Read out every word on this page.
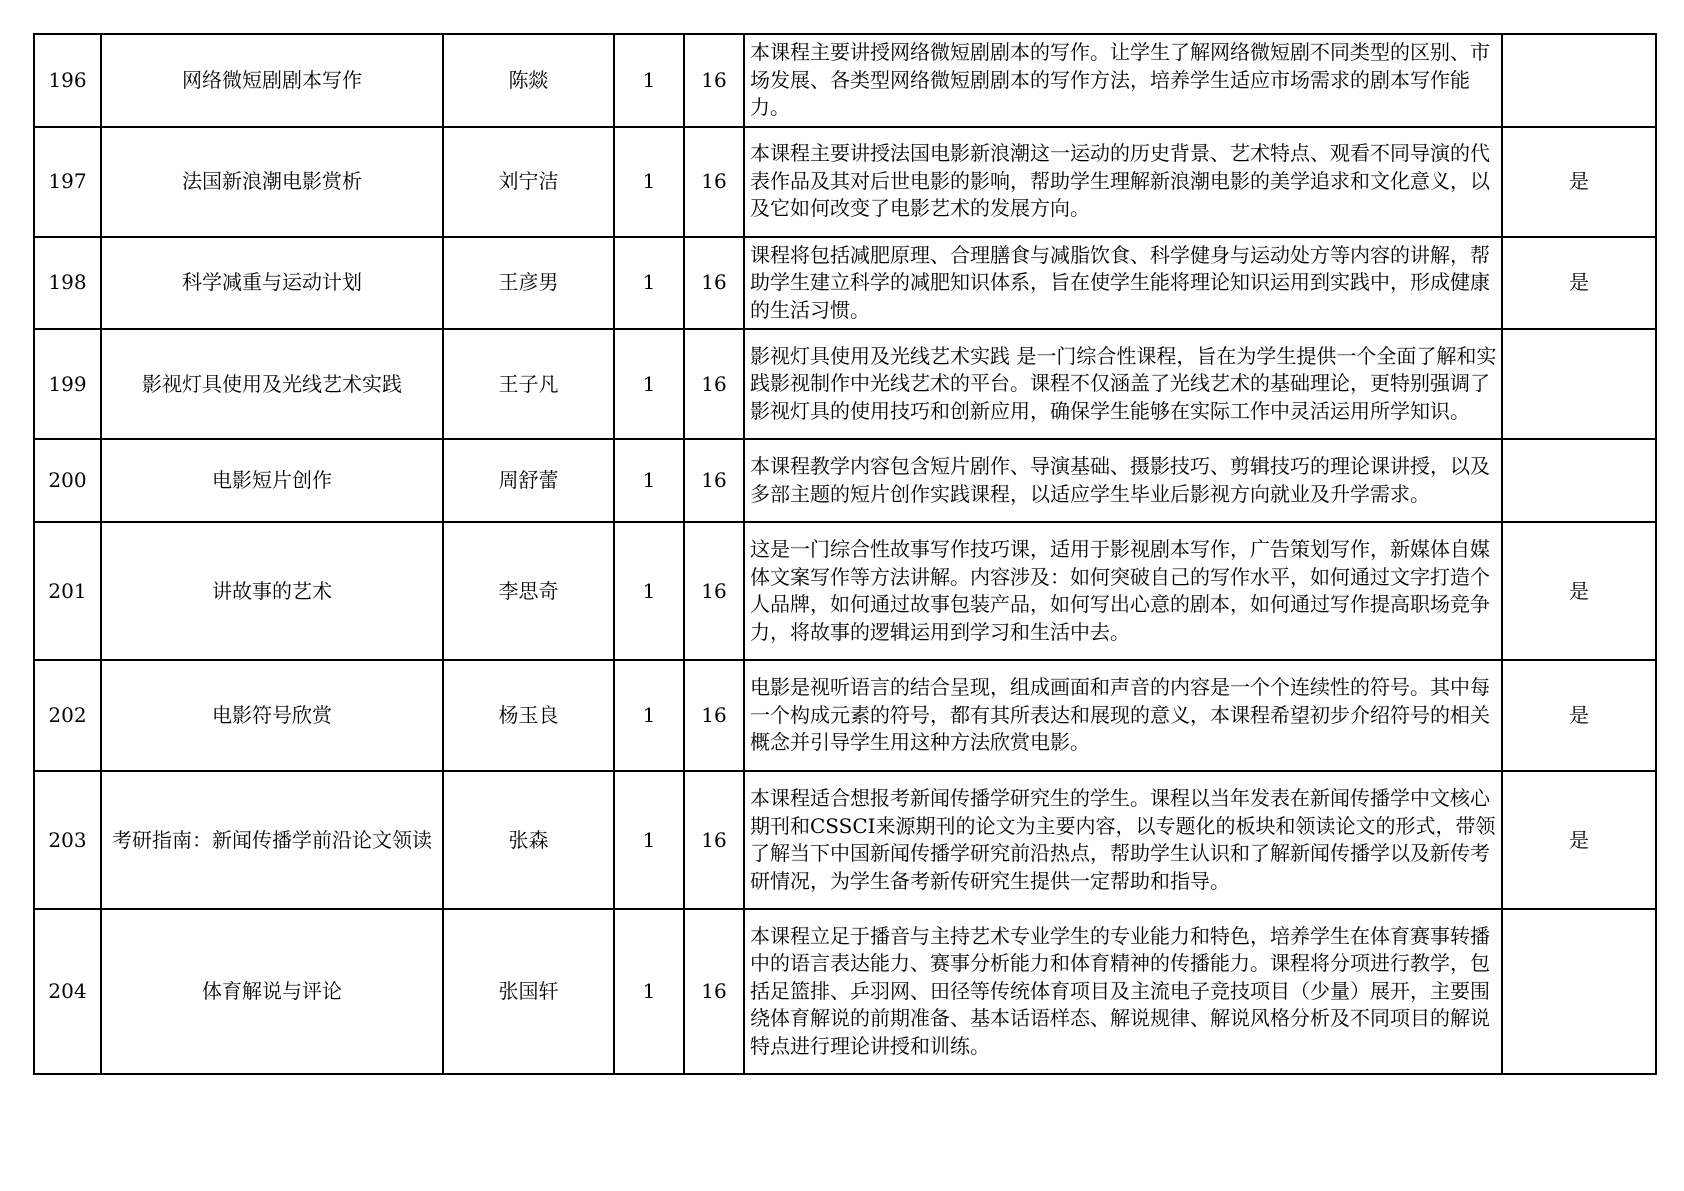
196	网络微短剧剧本写作	陈燚	1	16	本课程主要讲授网络微短剧剧本的写作。让学生了解网络微短剧不同类型的区别、市场发展、各类型网络微短剧剧本的写作方法，培养学生适应市场需求的剧本写作能力。	
197	法国新浪潮电影赏析	刘宁洁	1	16	本课程主要讲授法国电影新浪潮这一运动的历史背景、艺术特点、观看不同导演的代表作品及其对后世电影的影响，帮助学生理解新浪潮电影的美学追求和文化意义，以及它如何改变了电影艺术的发展方向。	是
198	科学减重与运动计划	王彦男	1	16	课程将包括减肥原理、合理膳食与减脂饮食、科学健身与运动处方等内容的讲解，帮助学生建立科学的减肥知识体系，旨在使学生能将理论知识运用到实践中，形成健康的生活习惯。	是
199	影视灯具使用及光线艺术实践	王子凡	1	16	影视灯具使用及光线艺术实践 是一门综合性课程，旨在为学生提供一个全面了解和实践影视制作中光线艺术的平台。课程不仅涵盖了光线艺术的基础理论，更特别强调了影视灯具的使用技巧和创新应用，确保学生能够在实际工作中灵活运用所学知识。	
200	电影短片创作	周舒蕾	1	16	本课程教学内容包含短片剧作、导演基础、摄影技巧、剪辑技巧的理论课讲授，以及多部主题的短片创作实践课程，以适应学生毕业后影视方向就业及升学需求。	
201	讲故事的艺术	李思奇	1	16	这是一门综合性故事写作技巧课，适用于影视剧本写作，广告策划写作，新媒体自媒体文案写作等方法讲解。内容涉及：如何突破自己的写作水平，如何通过文字打造个人品牌，如何通过故事包装产品，如何写出心意的剧本，如何通过写作提高职场竞争力，将故事的逻辑运用到学习和生活中去。	是
202	电影符号欣赏	杨玉良	1	16	电影是视听语言的结合呈现，组成画面和声音的内容是一个个连续性的符号。其中每一个构成元素的符号，都有其所表达和展现的意义，本课程希望初步介绍符号的相关概念并引导学生用这种方法欣赏电影。	是
203	考研指南：新闻传播学前沿论文领读	张森	1	16	本课程适合想报考新闻传播学研究生的学生。课程以当年发表在新闻传播学中文核心期刊和CSSCI来源期刊的论文为主要内容，以专题化的板块和领读论文的形式，带领了解当下中国新闻传播学研究前沿热点，帮助学生认识和了解新闻传播学以及新传考研情况，为学生备考新传研究生提供一定帮助和指导。	是
204	体育解说与评论	张国轩	1	16	本课程立足于播音与主持艺术专业学生的专业能力和特色，培养学生在体育赛事转播中的语言表达能力、赛事分析能力和体育精神的传播能力。课程将分项进行教学，包括足篮排、乒羽网、田径等传统体育项目及主流电子竞技项目（少量）展开，主要围绕体育解说的前期准备、基本话语样态、解说规律、解说风格分析及不同项目的解说特点进行理论讲授和训练。	
